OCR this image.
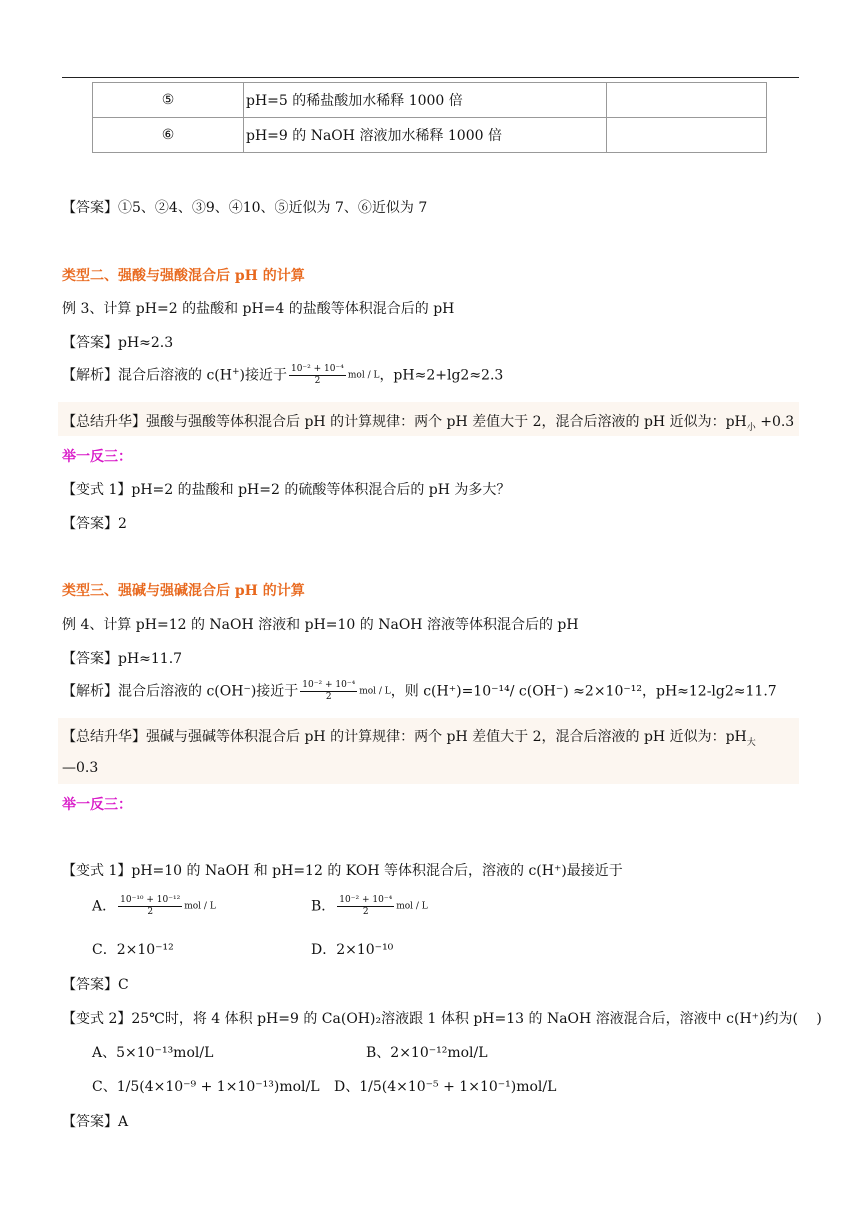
⑤	pH=5 的稀盐酸加水稀释 1000 倍	
⑥	pH=9 的 NaOH 溶液加水稀释 1000 倍	
【答案】①5、②4、③9、④10、⑤近似为 7、⑥近似为 7
类型二、强酸与强酸混合后 pH 的计算
例 3、计算 pH=2 的盐酸和 pH=4 的盐酸等体积混合后的 pH
【答案】pH≈2.3
【解析】混合后溶液的 c(H+)接近于 $\frac{\text{10⁻² + 10⁻⁴}}{2}$ mol / L，pH≈2+lg2≈2.3
【总结升华】强酸与强酸等体积混合后 pH 的计算规律：两个 pH 差值大于 2，混合后溶液的 pH 近似为：$pH_小 +0.3$
举一反三：
【变式 1】pH=2 的盐酸和 pH=2 的硫酸等体积混合后的 pH 为多大？
【答案】2
类型三、强碱与强碱混合后 pH 的计算
例 4、计算 pH=12 的 NaOH 溶液和 pH=10 的 NaOH 溶液等体积混合后的 pH
【答案】pH≈11.7
【解析】混合后溶液的 c(OH⁻)接近于 $\frac{\text{10⁻² + 10⁻⁴}}{2}$ mol / L，则 c(H⁺)=10⁻¹⁴/ c(OH⁻) ≈2×10⁻¹²，pH≈12-lg2≈11.7
【总结升华】强碱与强碱等体积混合后 pH 的计算规律：两个 pH 差值大于 2，混合后溶液的 pH 近似为：$pH_大$
—0.3
举一反三：
【变式 1】pH=10 的 NaOH 和 pH=12 的 KOH 等体积混合后，溶液的 c(H⁺)最接近于
A． $\frac{\text{10⁻¹⁰ + 10⁻¹²}}{2}$ mol / L	B． $\frac{\text{10⁻² + 10⁻⁴}}{2}$ mol / L
C．2×10⁻¹²	D．2×10⁻¹⁰
【答案】C
【变式 2】25℃时，将 4 体积 pH=9 的 Ca(OH)₂溶液跟 1 体积 pH=13 的 NaOH 溶液混合后，溶液中 c(H⁺)约为(　 )
A、5×10⁻¹³mol/L	B、2×10⁻¹²mol/L
C、1/5(4×10⁻⁹ + 1×10⁻¹³)mol/L D、1/5(4×10⁻⁵ + 1×10⁻¹)mol/L
【答案】A
